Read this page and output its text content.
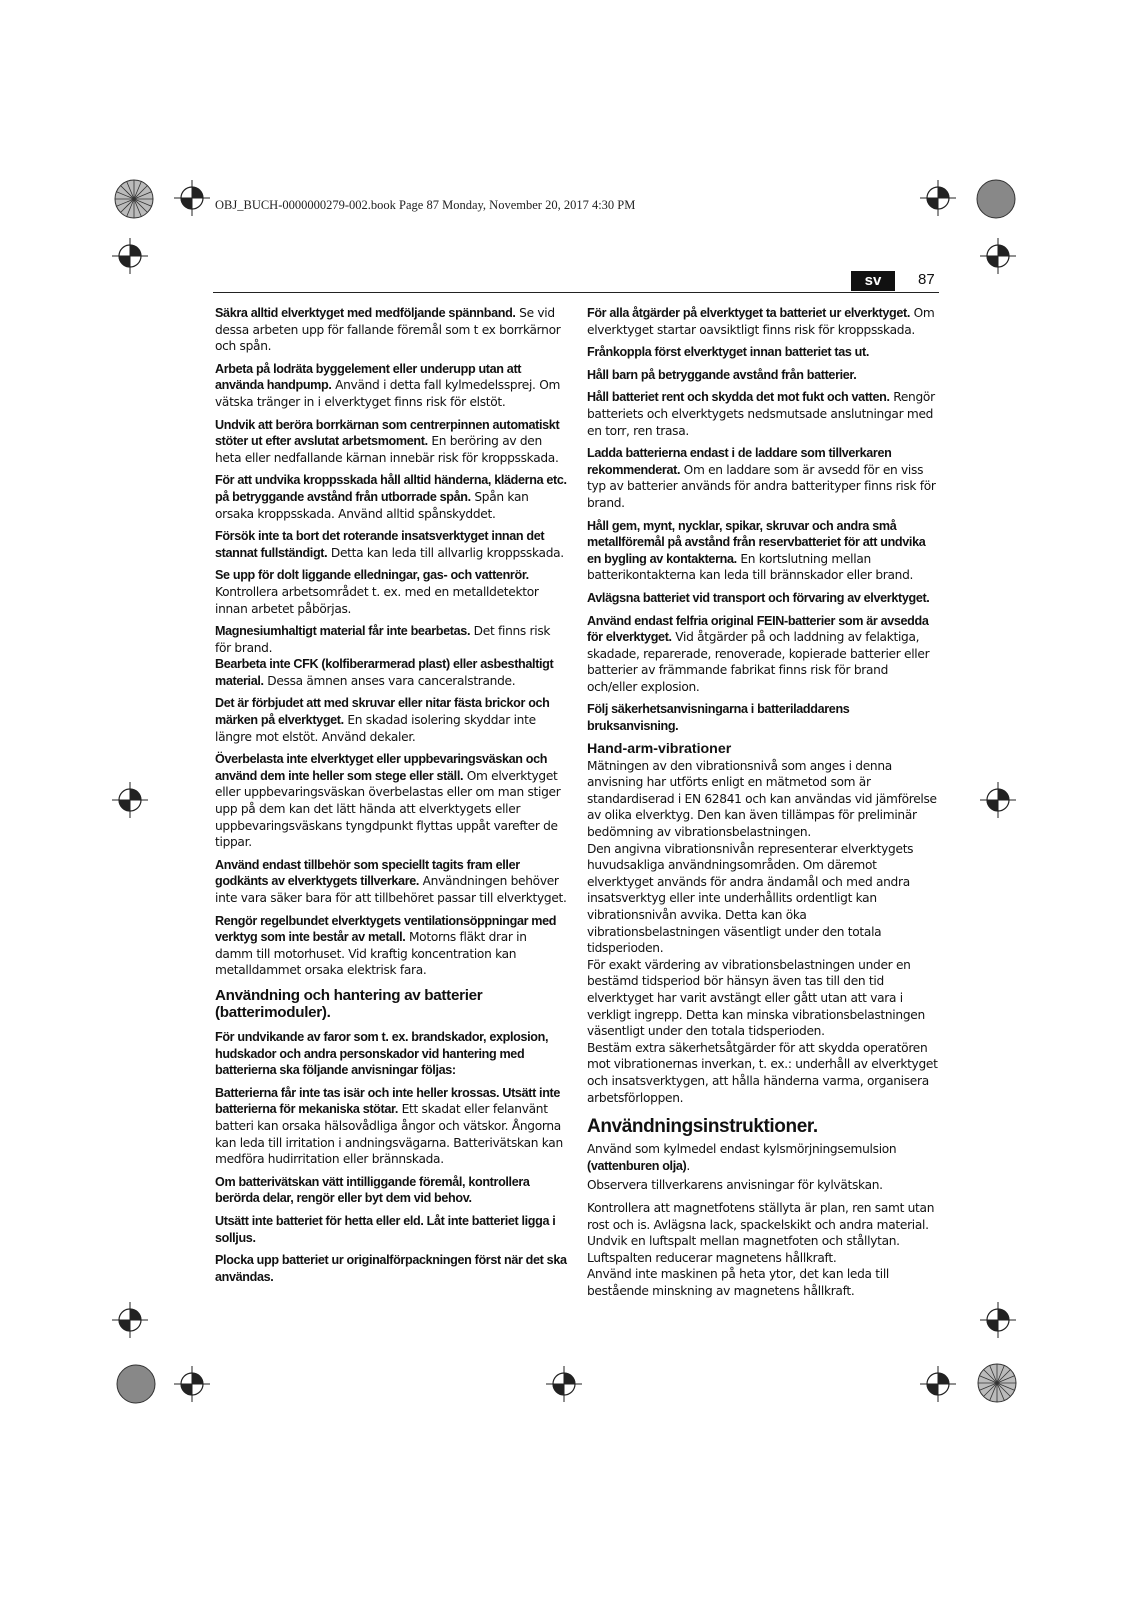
OBJ_BUCH-0000000279-002.book Page 87 Monday, November 20, 2017 4:30 PM
sv	87
Säkra alltid elverktyget med medföljande spännband. Se vid dessa arbeten upp för fallande föremål som t ex borrkärnor och spån.
Arbeta på lodräta byggelement eller underupp utan att använda handpump. Använd i detta fall kylmedelssprej. Om vätska tränger in i elverktyget finns risk för elstöt.
Undvik att beröra borrkärnan som centrerpinnen automatiskt stöter ut efter avslutat arbetsmoment. En beröring av den heta eller nedfallande kärnan innebär risk för kroppsskada.
För att undvika kroppsskada håll alltid händerna, kläderna etc. på betryggande avstånd från utborrade spån. Spån kan orsaka kroppsskada. Använd alltid spånskyddet.
Försök inte ta bort det roterande insatsverktyget innan det stannat fullständigt. Detta kan leda till allvarlig kroppsskada.
Se upp för dolt liggande elledningar, gas- och vattenrör. Kontrollera arbetsområdet t. ex. med en metalldetektor innan arbetet påbörjas.
Magnesiumhaltigt material får inte bearbetas. Det finns risk för brand.
Bearbeta inte CFK (kolfiberarmerad plast) eller asbesthaltigt material. Dessa ämnen anses vara canceralstrande.
Det är förbjudet att med skruvar eller nitar fästa brickor och märken på elverktyget. En skadad isolering skyddar inte längre mot elstöt. Använd dekaler.
Överbelasta inte elverktyget eller uppbevaringsväskan och använd dem inte heller som stege eller ställ. Om elverktyget eller uppbevaringsväskan överbelastas eller om man stiger upp på dem kan det lätt hända att elverktygets eller uppbevaringsväskans tyngdpunkt flyttas uppåt varefter de tippar.
Använd endast tillbehör som speciellt tagits fram eller godkänts av elverktygets tillverkare. Användningen behöver inte vara säker bara för att tillbehöret passar till elverktyget.
Rengör regelbundet elverktygets ventilationsöppningar med verktyg som inte består av metall. Motorns fläkt drar in damm till motorhuset. Vid kraftig koncentration kan metalldammet orsaka elektrisk fara.
Användning och hantering av batterier (batterimoduler).
För undvikande av faror som t. ex. brandskador, explosion, hudskador och andra personskador vid hantering med batterierna ska följande anvisningar följas:
Batterierna får inte tas isär och inte heller krossas. Utsätt inte batterierna för mekaniska stötar. Ett skadat eller felanvänt batteri kan orsaka hälsovådliga ångor och vätskor. Ångorna kan leda till irritation i andningsvägarna. Batterivätskan kan medföra hudirritation eller brännskada.
Om batterivätskan vätt intilliggande föremål, kontrollera berörda delar, rengör eller byt dem vid behov.
Utsätt inte batteriet för hetta eller eld. Låt inte batteriet ligga i solljus.
Plocka upp batteriet ur originalförpackningen först när det ska användas.
För alla åtgärder på elverktyget ta batteriet ur elverktyget. Om elverktyget startar oavsiktligt finns risk för kroppsskada.
Frånkoppla först elverktyget innan batteriet tas ut.
Håll barn på betryggande avstånd från batterier.
Håll batteriet rent och skydda det mot fukt och vatten. Rengör batteriets och elverktygets nedsmutsade anslutningar med en torr, ren trasa.
Ladda batterierna endast i de laddare som tillverkaren rekommenderat. Om en laddare som är avsedd för en viss typ av batterier används för andra batterityper finns risk för brand.
Håll gem, mynt, nycklar, spikar, skruvar och andra små metallföremål på avstånd från reservbatteriet för att undvika en bygling av kontakterna. En kortslutning mellan batterikontakterna kan leda till brännskador eller brand.
Avlägsna batteriet vid transport och förvaring av elverktyget.
Använd endast felfria original FEIN-batterier som är avsedda för elverktyget. Vid åtgärder på och laddning av felaktiga, skadade, reparerade, renoverade, kopierade batterier eller batterier av främmande fabrikat finns risk för brand och/eller explosion.
Följ säkerhetsanvisningarna i batteriladdarens bruksanvisning.
Hand-arm-vibrationer
Mätningen av den vibrationsnivå som anges i denna anvisning har utförts enligt en mätmetod som är standardiserad i EN 62841 och kan användas vid jämförelse av olika elverktyg. Den kan även tillämpas för preliminär bedömning av vibrationsbelastningen.
Den angivna vibrationsnivån representerar elverktygets huvudsakliga användningsområden. Om däremot elverktyget används för andra ändamål och med andra insatsverktyg eller inte underhållits ordentligt kan vibrationsnivån avvika. Detta kan öka vibrationsbelastningen väsentligt under den totala tidsperioden.
För exakt värdering av vibrationsbelastningen under en bestämd tidsperiod bör hänsyn även tas till den tid elverktyget har varit avstängt eller gått utan att vara i verkligt ingrepp. Detta kan minska vibrationsbelastningen väsentligt under den totala tidsperioden.
Bestäm extra säkerhetsåtgärder för att skydda operatören mot vibrationernas inverkan, t. ex.: underhåll av elverktyget och insatsverktygen, att hålla händerna varma, organisera arbetsförloppen.
Användningsinstruktioner.
Använd som kylmedel endast kylsmörjningsemulsion (vattenburen olja).
Observera tillverkarens anvisningar för kylvätskan.
Kontrollera att magnetfotens ställyta är plan, ren samt utan rost och is. Avlägsna lack, spackelskikt och andra material. Undvik en luftspalt mellan magnetfoten och stållytan. Luftspalten reducerar magnetens hållkraft.
Använd inte maskinen på heta ytor, det kan leda till bestående minskning av magnetens hållkraft.
